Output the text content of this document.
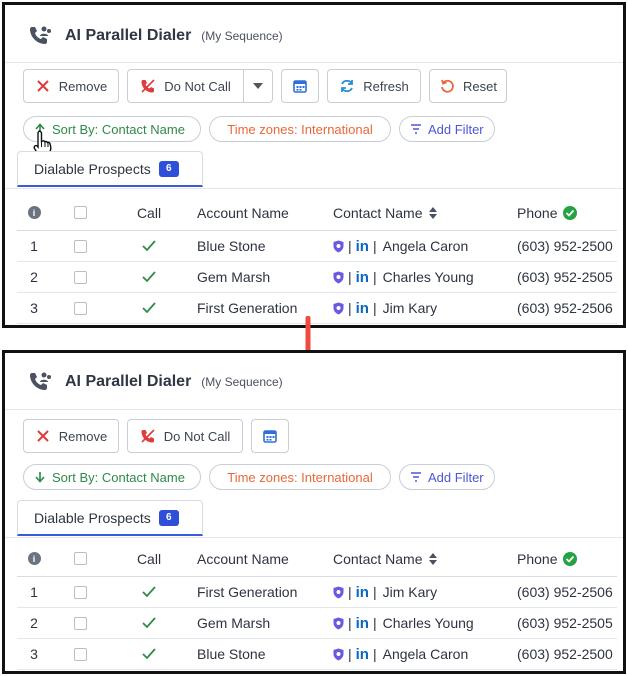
AI Parallel Dialer (My Sequence)
Remove	Do Not Call	Refresh	Reset
Sort By: Contact Name	Time zones: International	Add Filter
Dialable Prospects	6
i	Call	Account Name	Contact Name	Phone
1	Blue Stone	| in | Angela Caron	(603) 952-2500
2	Gem Marsh	| in | Charles Young	(603) 952-2505
3	First Generation	| in | Jim Kary	(603) 952-2506
AI Parallel Dialer (My Sequence)
Remove	Do Not Call
Sort By: Contact Name	Time zones: International	Add Filter
Dialable Prospects	6
i	Call	Account Name	Contact Name	Phone
1	First Generation	| in | Jim Kary	(603) 952-2506
2	Gem Marsh	| in | Charles Young	(603) 952-2505
3	Blue Stone	| in | Angela Caron	(603) 952-2500
